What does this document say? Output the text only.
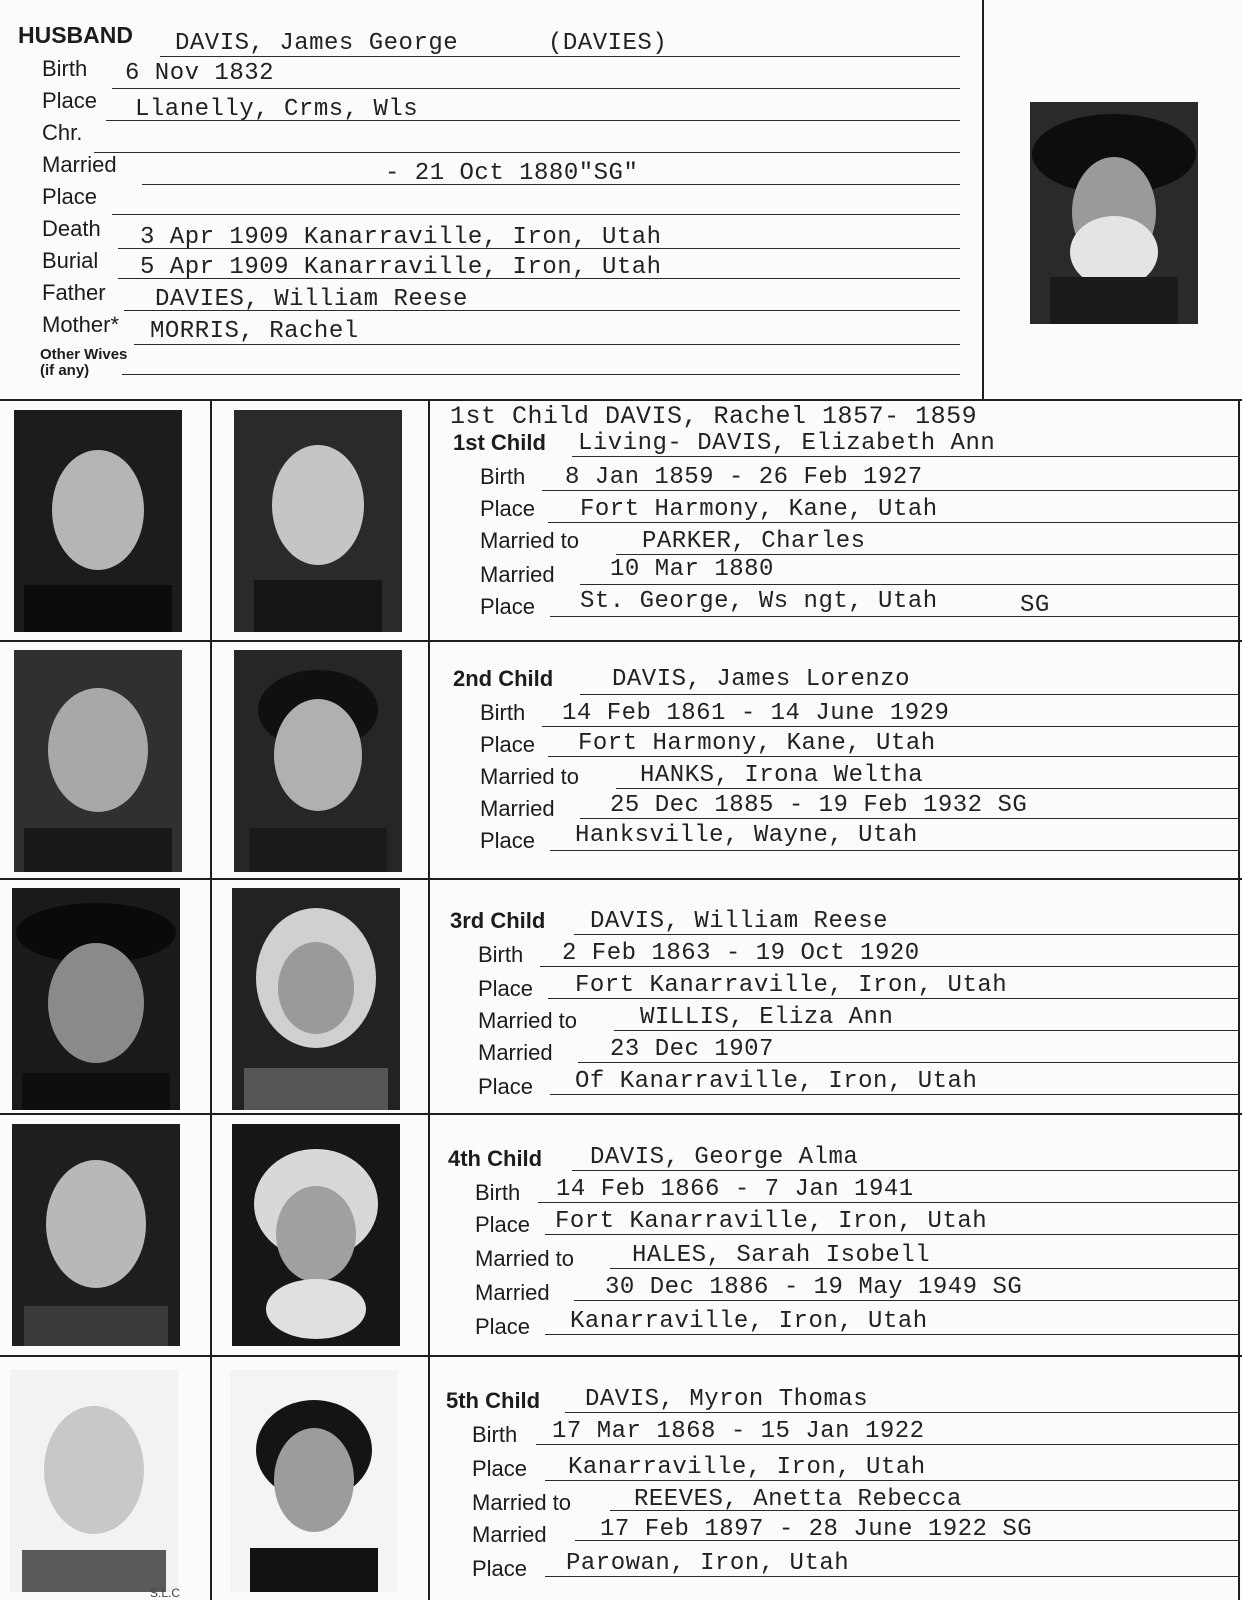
HUSBAND DAVIS, James George	(DAVIES)
Birth 6 Nov 1832
Place Llanelly, Crms, Wls
Chr.
Married	- 21 Oct 1880"SG"
Place
Death 3 Apr 1909 Kanarraville, Iron, Utah
Burial 5 Apr 1909 Kanarraville, Iron, Utah
Father DAVIES, William Reese
Mother* MORRIS, Rachel
Other Wives
(if any)
1st Child DAVIS, Rachel 1857- 1859
1st Child Living- DAVIS, Elizabeth Ann
Birth 8 Jan 1859 - 26 Feb 1927
Place Fort Harmony, Kane, Utah
Married to	PARKER, Charles
Married 10 Mar 1880
Place St. George, Ws ngt, Utah	SG
2nd Child DAVIS, James Lorenzo
Birth 14 Feb 1861 - 14 June 1929
Place Fort Harmony, Kane, Utah
Married to	HANKS, Irona Weltha
Married 25 Dec 1885 - 19 Feb 1932 SG
Place Hanksville, Wayne, Utah
3rd Child DAVIS, William Reese
Birth 2 Feb 1863 - 19 Oct 1920
Place Fort Kanarraville, Iron, Utah
Married to	WILLIS, Eliza Ann
Married 23 Dec 1907
Place Of Kanarraville, Iron, Utah
4th Child DAVIS, George Alma
Birth 14 Feb 1866 - 7 Jan 1941
Place Fort Kanarraville, Iron, Utah
Married to HALES, Sarah Isobell
Married 30 Dec 1886 - 19 May 1949 SG
Place Kanarraville, Iron, Utah
5th Child DAVIS, Myron Thomas
Birth 17 Mar 1868 - 15 Jan 1922
Place Kanarraville, Iron, Utah
Married to	REEVES, Anetta Rebecca
Married 17 Feb 1897 - 28 June 1922 SG
Place Parowan, Iron, Utah
S.L.C
